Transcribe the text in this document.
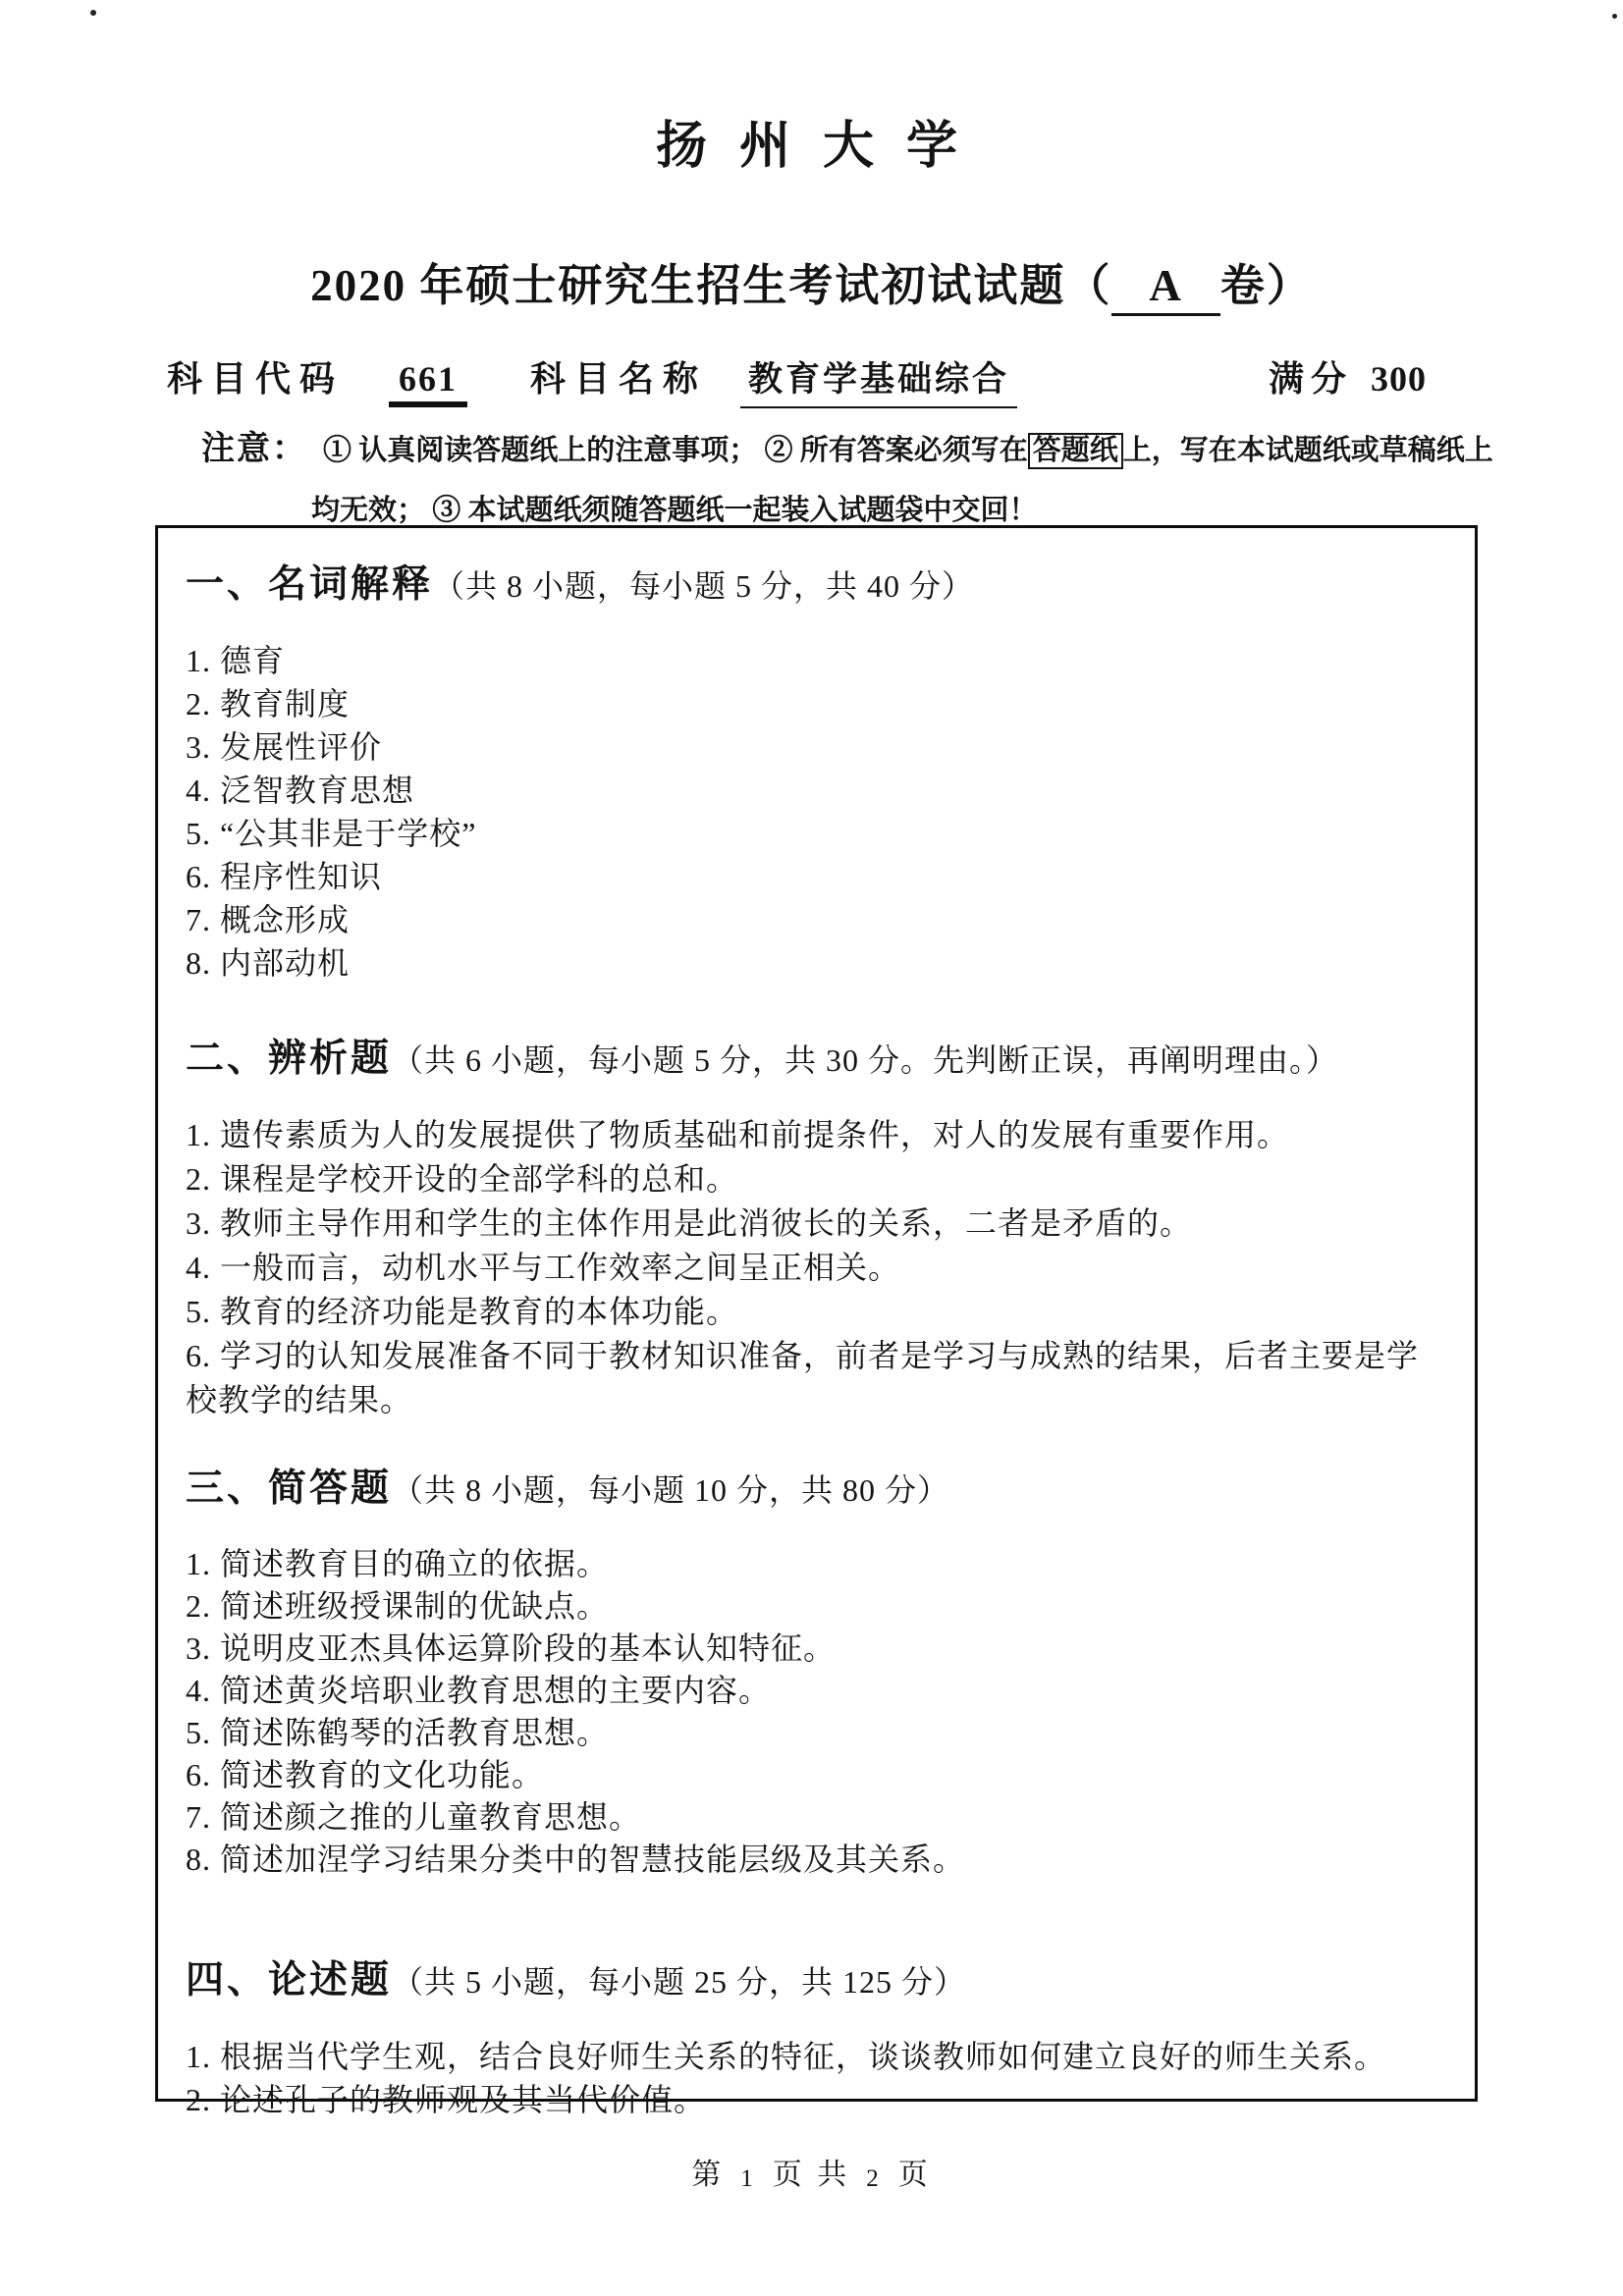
扬 州 大 学
2020 年硕士研究生招生考试初试试题（ A 卷）
科目代码 661 科目名称 教育学基础综合	满分 300
注意： ① 认真阅读答题纸上的注意事项； ② 所有答案必须写在 答题纸 上，写在本试题纸或草稿纸上
均无效； ③ 本试题纸须随答题纸一起装入试题袋中交回！
一、名词解释（共 8 小题，每小题 5 分，共 40 分）
1. 德育
2. 教育制度
3. 发展性评价
4. 泛智教育思想
5. “公其非是于学校”
6. 程序性知识
7. 概念形成
8. 内部动机
二、辨析题（共 6 小题，每小题 5 分，共 30 分。先判断正误，再阐明理由。）
1. 遗传素质为人的发展提供了物质基础和前提条件，对人的发展有重要作用。
2. 课程是学校开设的全部学科的总和。
3. 教师主导作用和学生的主体作用是此消彼长的关系，二者是矛盾的。
4. 一般而言，动机水平与工作效率之间呈正相关。
5. 教育的经济功能是教育的本体功能。
6. 学习的认知发展准备不同于教材知识准备，前者是学习与成熟的结果，后者主要是学校教学的结果。
三、简答题（共 8 小题，每小题 10 分，共 80 分）
1. 简述教育目的确立的依据。
2. 简述班级授课制的优缺点。
3. 说明皮亚杰具体运算阶段的基本认知特征。
4. 简述黄炎培职业教育思想的主要内容。
5. 简述陈鹤琴的活教育思想。
6. 简述教育的文化功能。
7. 简述颜之推的儿童教育思想。
8. 简述加涅学习结果分类中的智慧技能层级及其关系。
四、论述题（共 5 小题，每小题 25 分，共 125 分）
1. 根据当代学生观，结合良好师生关系的特征，谈谈教师如何建立良好的师生关系。
2. 论述孔子的教师观及其当代价值。
第 1 页 共 2 页
